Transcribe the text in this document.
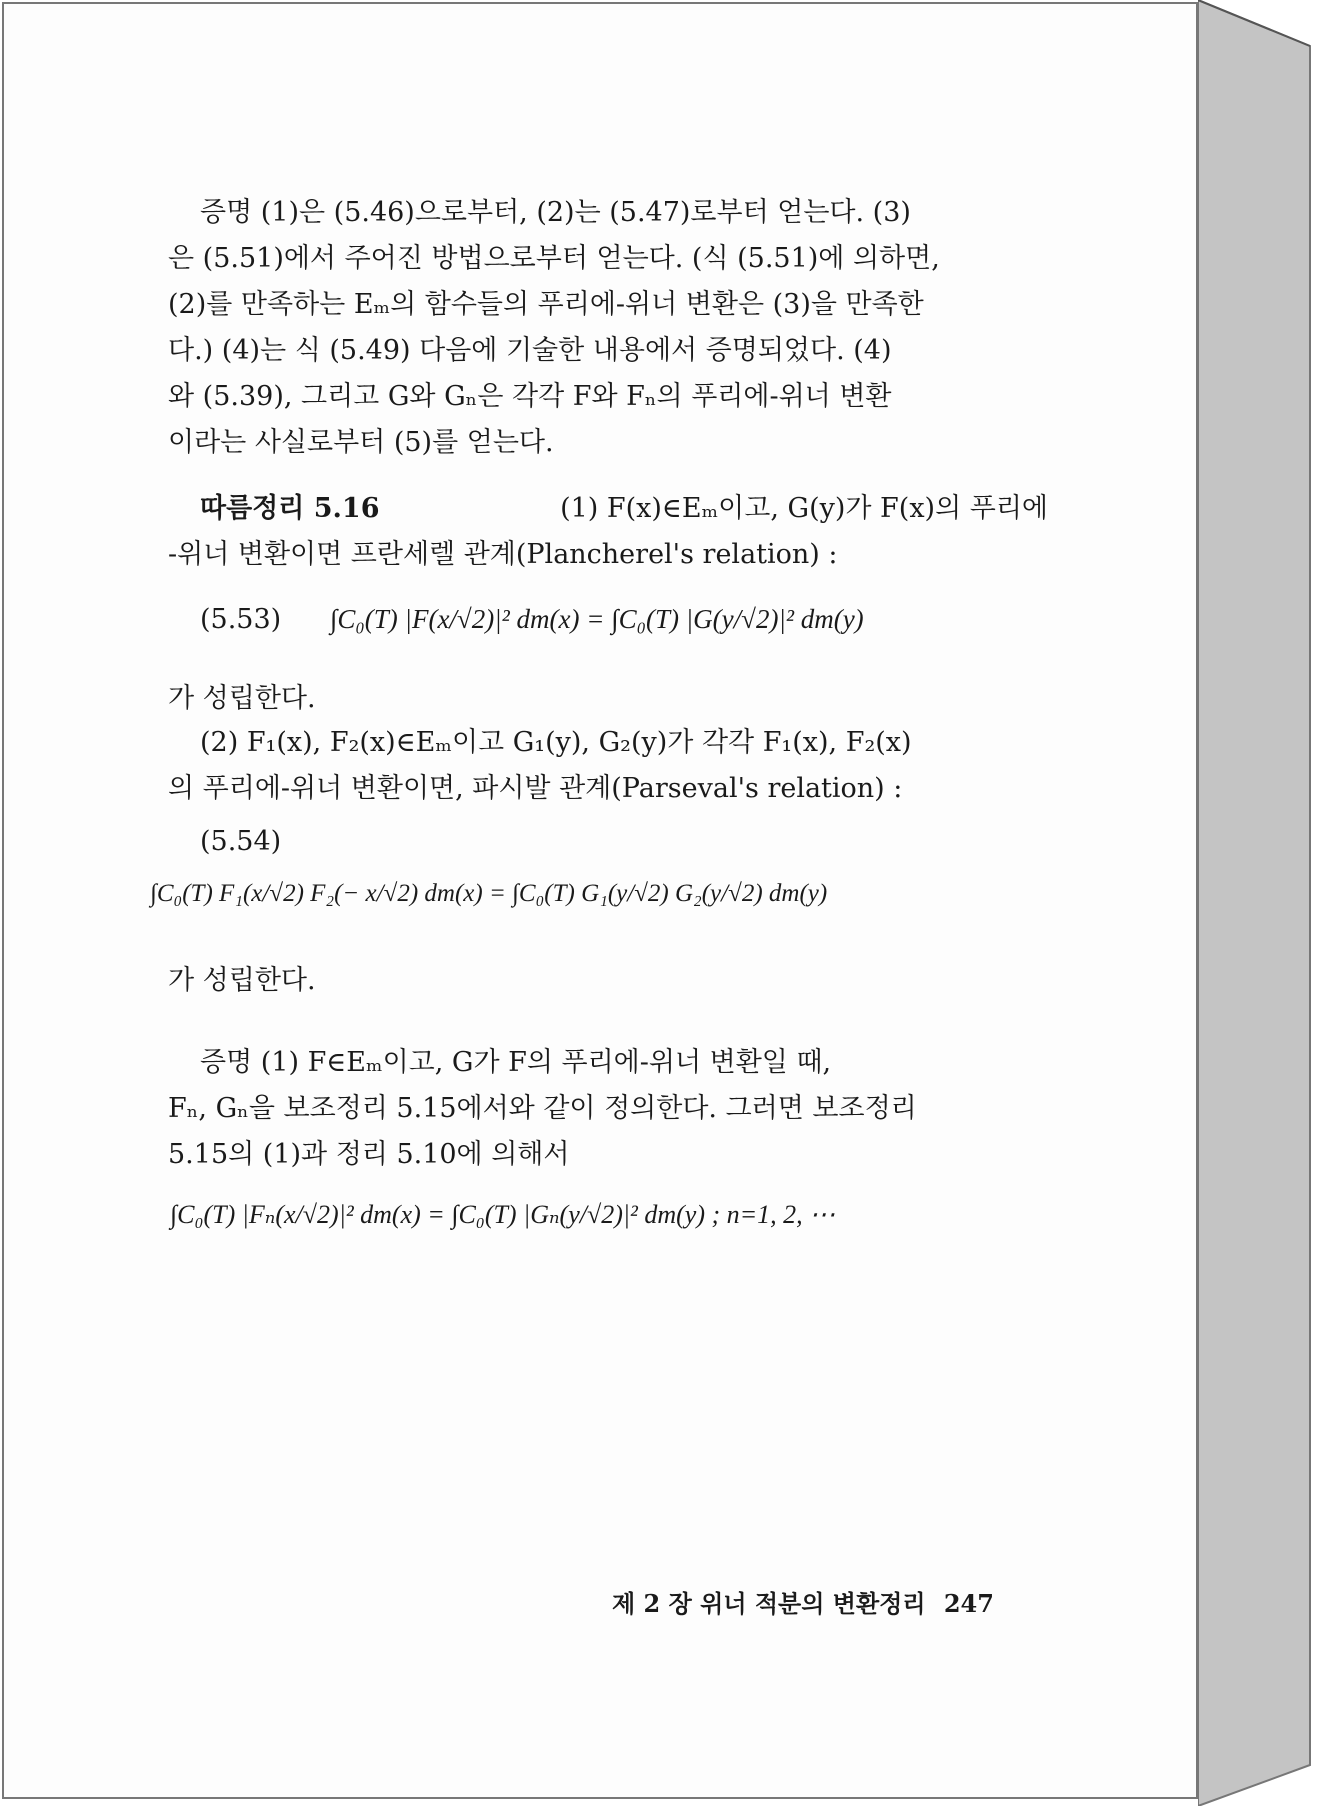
증명 (1)은 (5.46)으로부터, (2)는 (5.47)로부터 얻는다. (3)
은 (5.51)에서 주어진 방법으로부터 얻는다. (식 (5.51)에 의하면,
(2)를 만족하는 Eₘ의 함수들의 푸리에-위너 변환은 (3)을 만족한
다.) (4)는 식 (5.49) 다음에 기술한 내용에서 증명되었다. (4)
와 (5.39), 그리고 G와 Gₙ은 각각 F와 Fₙ의 푸리에-위너 변환
이라는 사실로부터 (5)를 얻는다.
따름정리 5.16	(1) F(x)∈Eₘ이고, G(y)가 F(x)의 푸리에
-위너 변환이면 프란세렐 관계(Plancherel's relation) :
(5.53) ∫C₀(T) |F(x/√2)|² dm(x) = ∫C₀(T) |G(y/√2)|² dm(y)
가 성립한다.
(2) F₁(x), F₂(x)∈Eₘ이고 G₁(y), G₂(y)가 각각 F₁(x), F₂(x)
의 푸리에-위너 변환이면, 파시발 관계(Parseval's relation) :
(5.54)
∫C₀(T) F₁(x/√2) F₂(− x/√2) dm(x) = ∫C₀(T) G₁(y/√2) G₂(y/√2) dm(y)
가 성립한다.
증명 (1) F∈Eₘ이고, G가 F의 푸리에-위너 변환일 때,
Fₙ, Gₙ을 보조정리 5.15에서와 같이 정의한다. 그러면 보조정리
5.15의 (1)과 정리 5.10에 의해서
∫C₀(T) |Fₙ(x/√2)|² dm(x) = ∫C₀(T) |Gₙ(y/√2)|² dm(y) ; n=1, 2, ⋯
제 2 장 위너 적분의 변환정리 247
